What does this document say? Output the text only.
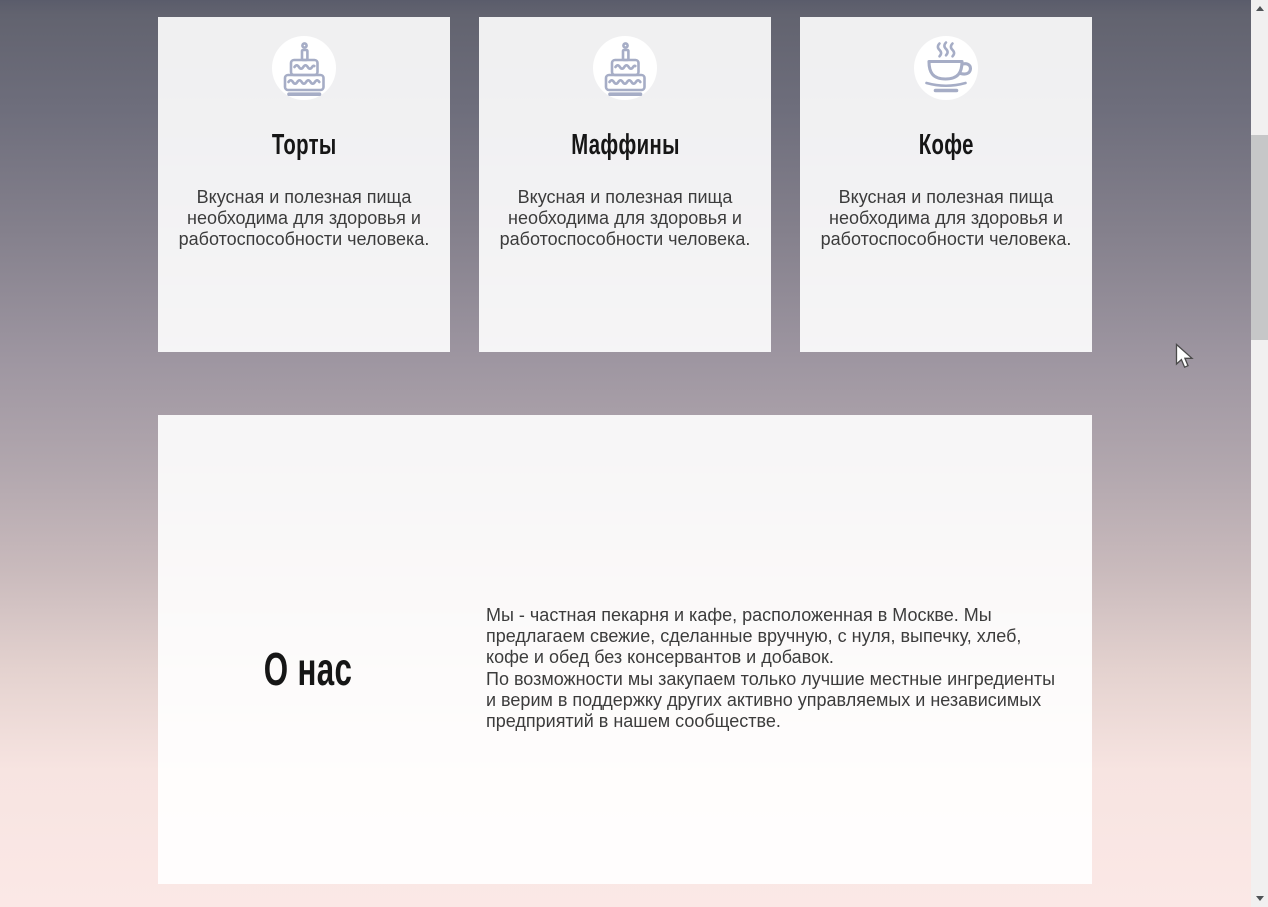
Торты
Вкусная и полезная пища необходима для здоровья и работоспособности человека.
Маффины
Вкусная и полезная пища необходима для здоровья и работоспособности человека.
Кофе
Вкусная и полезная пища необходима для здоровья и работоспособности человека.
О нас

Мы - частная пекарня и кафе, расположенная в Москве. Мы предлагаем свежие, сделанные вручную, с нуля, выпечку, хлеб, кофе и обед без консервантов и добавок.

По возможности мы закупаем только лучшие местные ингредиенты и верим в поддержку других активно управляемых и независимых предприятий в нашем сообществе.
